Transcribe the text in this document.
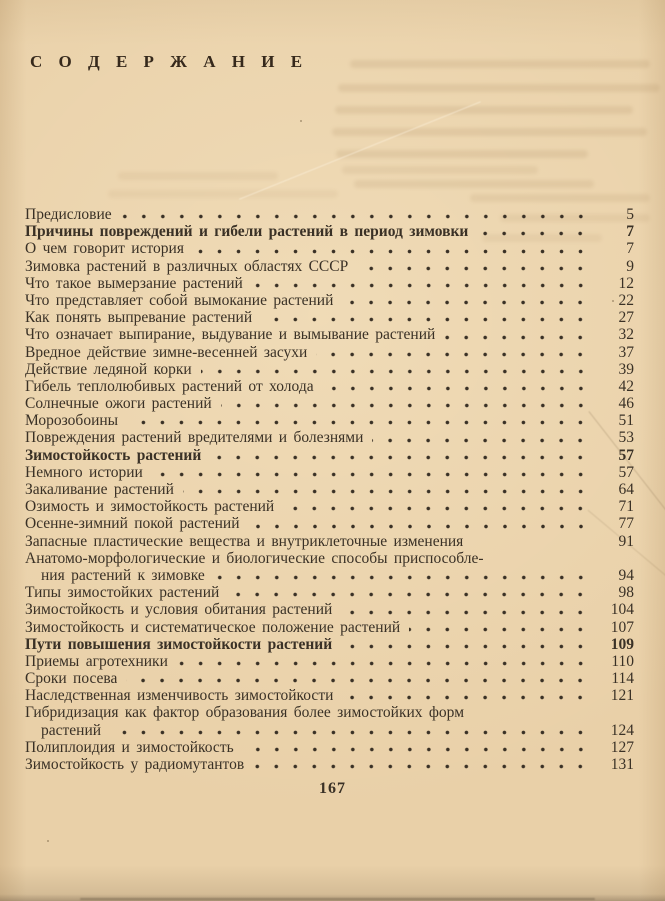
С О Д Е Р Ж А Н И Е
Предисловие	5
Причины повреждений и гибели растений в период зимовки	7
О чем говорит история	7
Зимовка растений в различных областях СССР	9
Что такое вымерзание растений	12
Что представляет собой вымокание растений	22
Как понять выпревание растений	27
Что означает выпирание, выдувание и вымывание растений	32
Вредное действие зимне-весенней засухи	37
Действие ледяной корки	39
Гибель теплолюбивых растений от холода	42
Солнечные ожоги растений	46
Морозобоины	51
Повреждения растений вредителями и болезнями	53
Зимостойкость растений	57
Немного истории	57
Закаливание растений	64
Озимость и зимостойкость растений	71
Осенне-зимний покой растений	77
Запасные пластические вещества и внутриклеточные изменения	91
Анатомо-морфологические и биологические способы приспособле-
ния растений к зимовке	94
Типы зимостойких растений	98
Зимостойкость и условия обитания растений	104
Зимостойкость и систематическое положение растений	107
Пути повышения зимостойкости растений	109
Приемы агротехники	110
Сроки посева	114
Наследственная изменчивость зимостойкости	121
Гибридизация как фактор образования более зимостойких форм
растений	124
Полиплоидия и зимостойкость	127
Зимостойкость у радиомутантов	131
167
